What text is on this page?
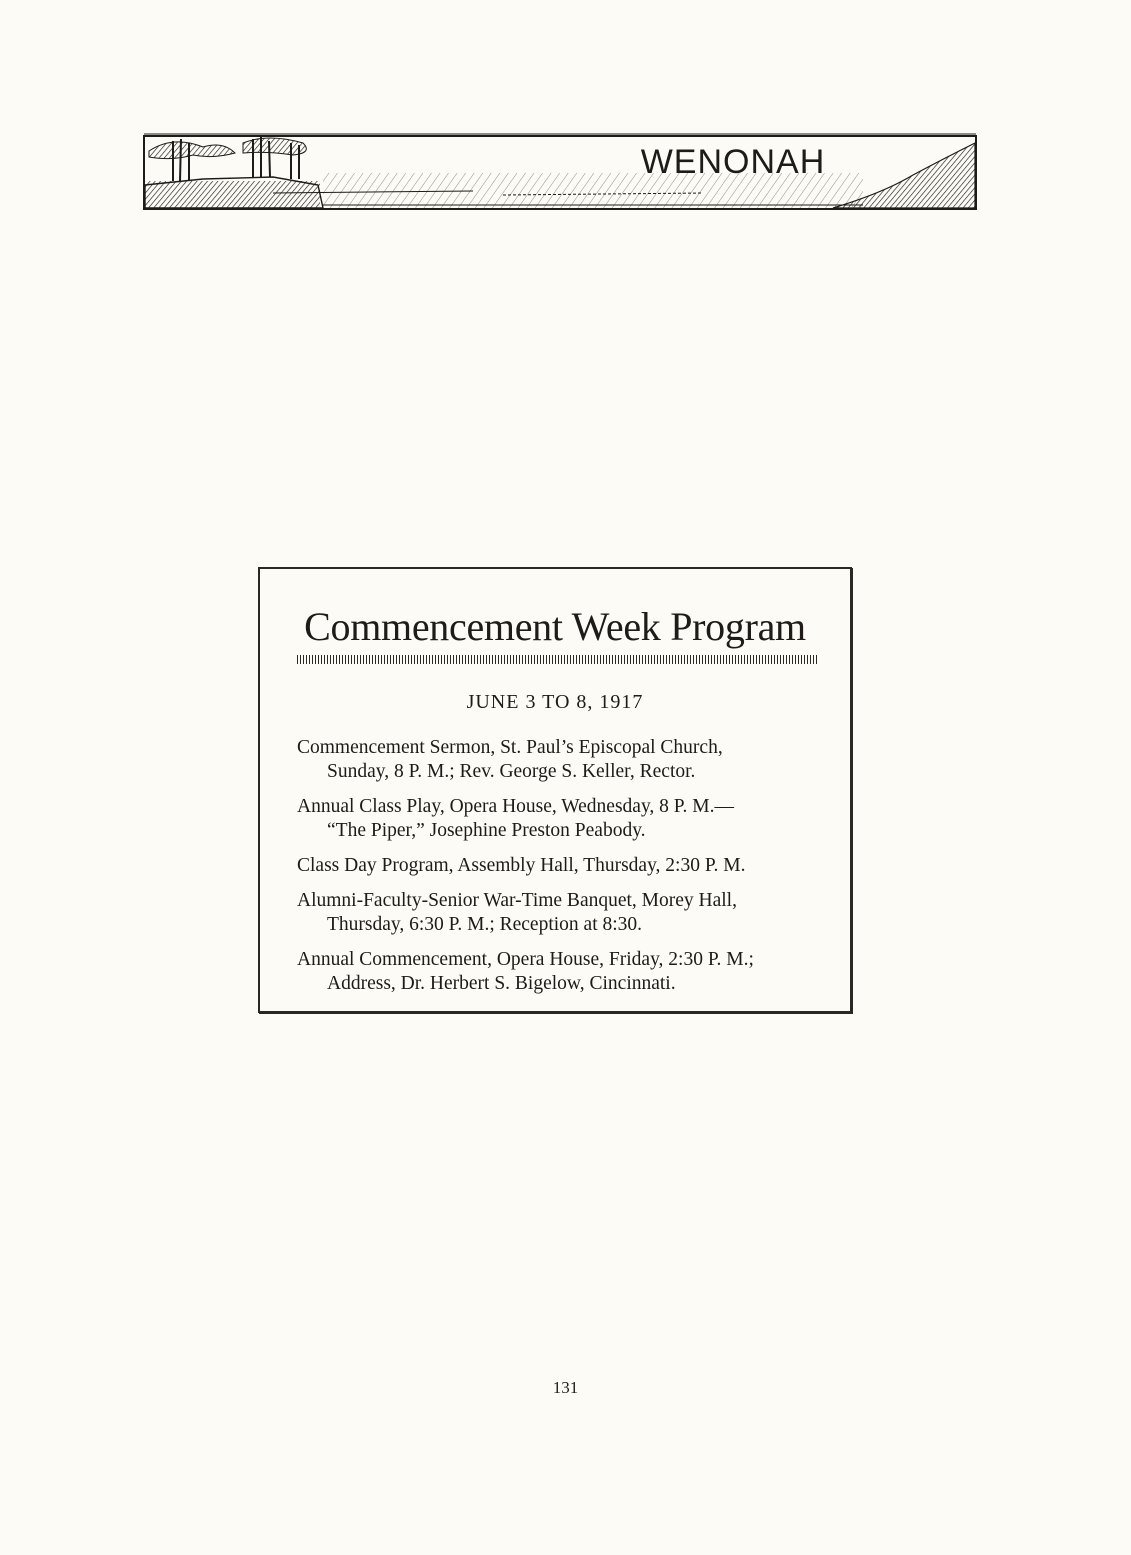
WENONAH
Commencement Week Program
JUNE 3 TO 8, 1917
Commencement Sermon, St. Paul’s Episcopal Church,
Sunday, 8 P. M.; Rev. George S. Keller, Rector.
Annual Class Play, Opera House, Wednesday, 8 P. M.—
“The Piper,” Josephine Preston Peabody.
Class Day Program, Assembly Hall, Thursday, 2:30 P. M.
Alumni-Faculty-Senior War-Time Banquet, Morey Hall,
Thursday, 6:30 P. M.; Reception at 8:30.
Annual Commencement, Opera House, Friday, 2:30 P. M.;
Address, Dr. Herbert S. Bigelow, Cincinnati.
131
